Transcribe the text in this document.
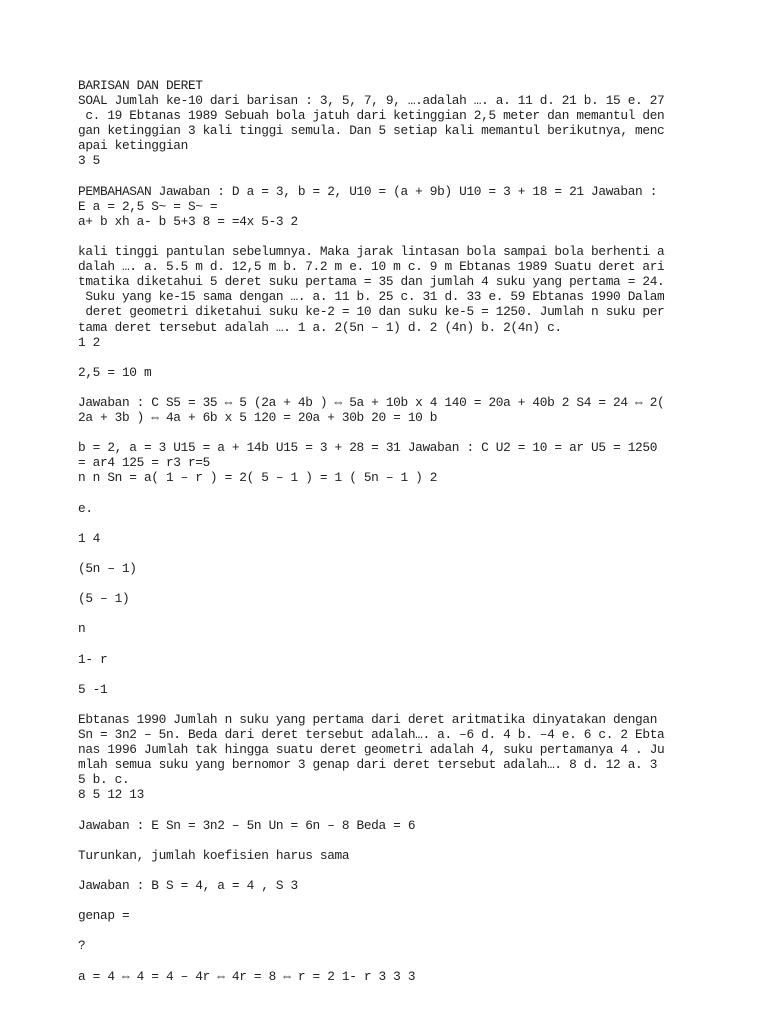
BARISAN DAN DERET
SOAL Jumlah ke-10 dari barisan : 3, 5, 7, 9, ….adalah …. a. 11 d. 21 b. 15 e. 27
c. 19 Ebtanas 1989 Sebuah bola jatuh dari ketinggian 2,5 meter dan memantul den
gan ketinggian 3 kali tinggi semula. Dan 5 setiap kali memantul berikutnya, menc
apai ketinggian
3 5
PEMBAHASAN Jawaban : D a = 3, b = 2, U10 = (a + 9b) U10 = 3 + 18 = 21 Jawaban :
E a = 2,5 S~ = S~ =
a+ b xh a- b 5+3 8 = =4x 5-3 2
kali tinggi pantulan sebelumnya. Maka jarak lintasan bola sampai bola berhenti a
dalah …. a. 5.5 m d. 12,5 m b. 7.2 m e. 10 m c. 9 m Ebtanas 1989 Suatu deret ari
tmatika diketahui 5 deret suku pertama = 35 dan jumlah 4 suku yang pertama = 24.
Suku yang ke-15 sama dengan …. a. 11 b. 25 c. 31 d. 33 e. 59 Ebtanas 1990 Dalam
deret geometri diketahui suku ke-2 = 10 dan suku ke-5 = 1250. Jumlah n suku per
tama deret tersebut adalah …. 1 a. 2(5n – 1) d. 2 (4n) b. 2(4n) c.
1 2
2,5 = 10 m
Jawaban : C S5 = 35 ⇔ 5 (2a + 4b ) ⇔ 5a + 10b x 4 140 = 20a + 40b 2 S4 = 24 ⇔ 2(
2a + 3b ) ⇔ 4a + 6b x 5 120 = 20a + 30b 20 = 10 b
b = 2, a = 3 U15 = a + 14b U15 = 3 + 28 = 31 Jawaban : C U2 = 10 = ar U5 = 1250
= ar4 125 = r3 r=5
n n Sn = a( 1 – r ) = 2( 5 – 1 ) = 1 ( 5n – 1 ) 2
e.
1 4
(5n – 1)
(5 – 1)
n
1- r
5 -1
Ebtanas 1990 Jumlah n suku yang pertama dari deret aritmatika dinyatakan dengan
Sn = 3n2 – 5n. Beda dari deret tersebut adalah…. a. –6 d. 4 b. –4 e. 6 c. 2 Ebta
nas 1996 Jumlah tak hingga suatu deret geometri adalah 4, suku pertamanya 4 . Ju
mlah semua suku yang bernomor 3 genap dari deret tersebut adalah…. 8 d. 12 a. 3
5 b. c.
8 5 12 13
Jawaban : E Sn = 3n2 – 5n Un = 6n – 8 Beda = 6
Turunkan, jumlah koefisien harus sama
Jawaban : B S = 4, a = 4 , S 3
genap =
?
a = 4 ⇔ 4 = 4 – 4r ⇔ 4r = 8 ⇔ r = 2 1- r 3 3 3
